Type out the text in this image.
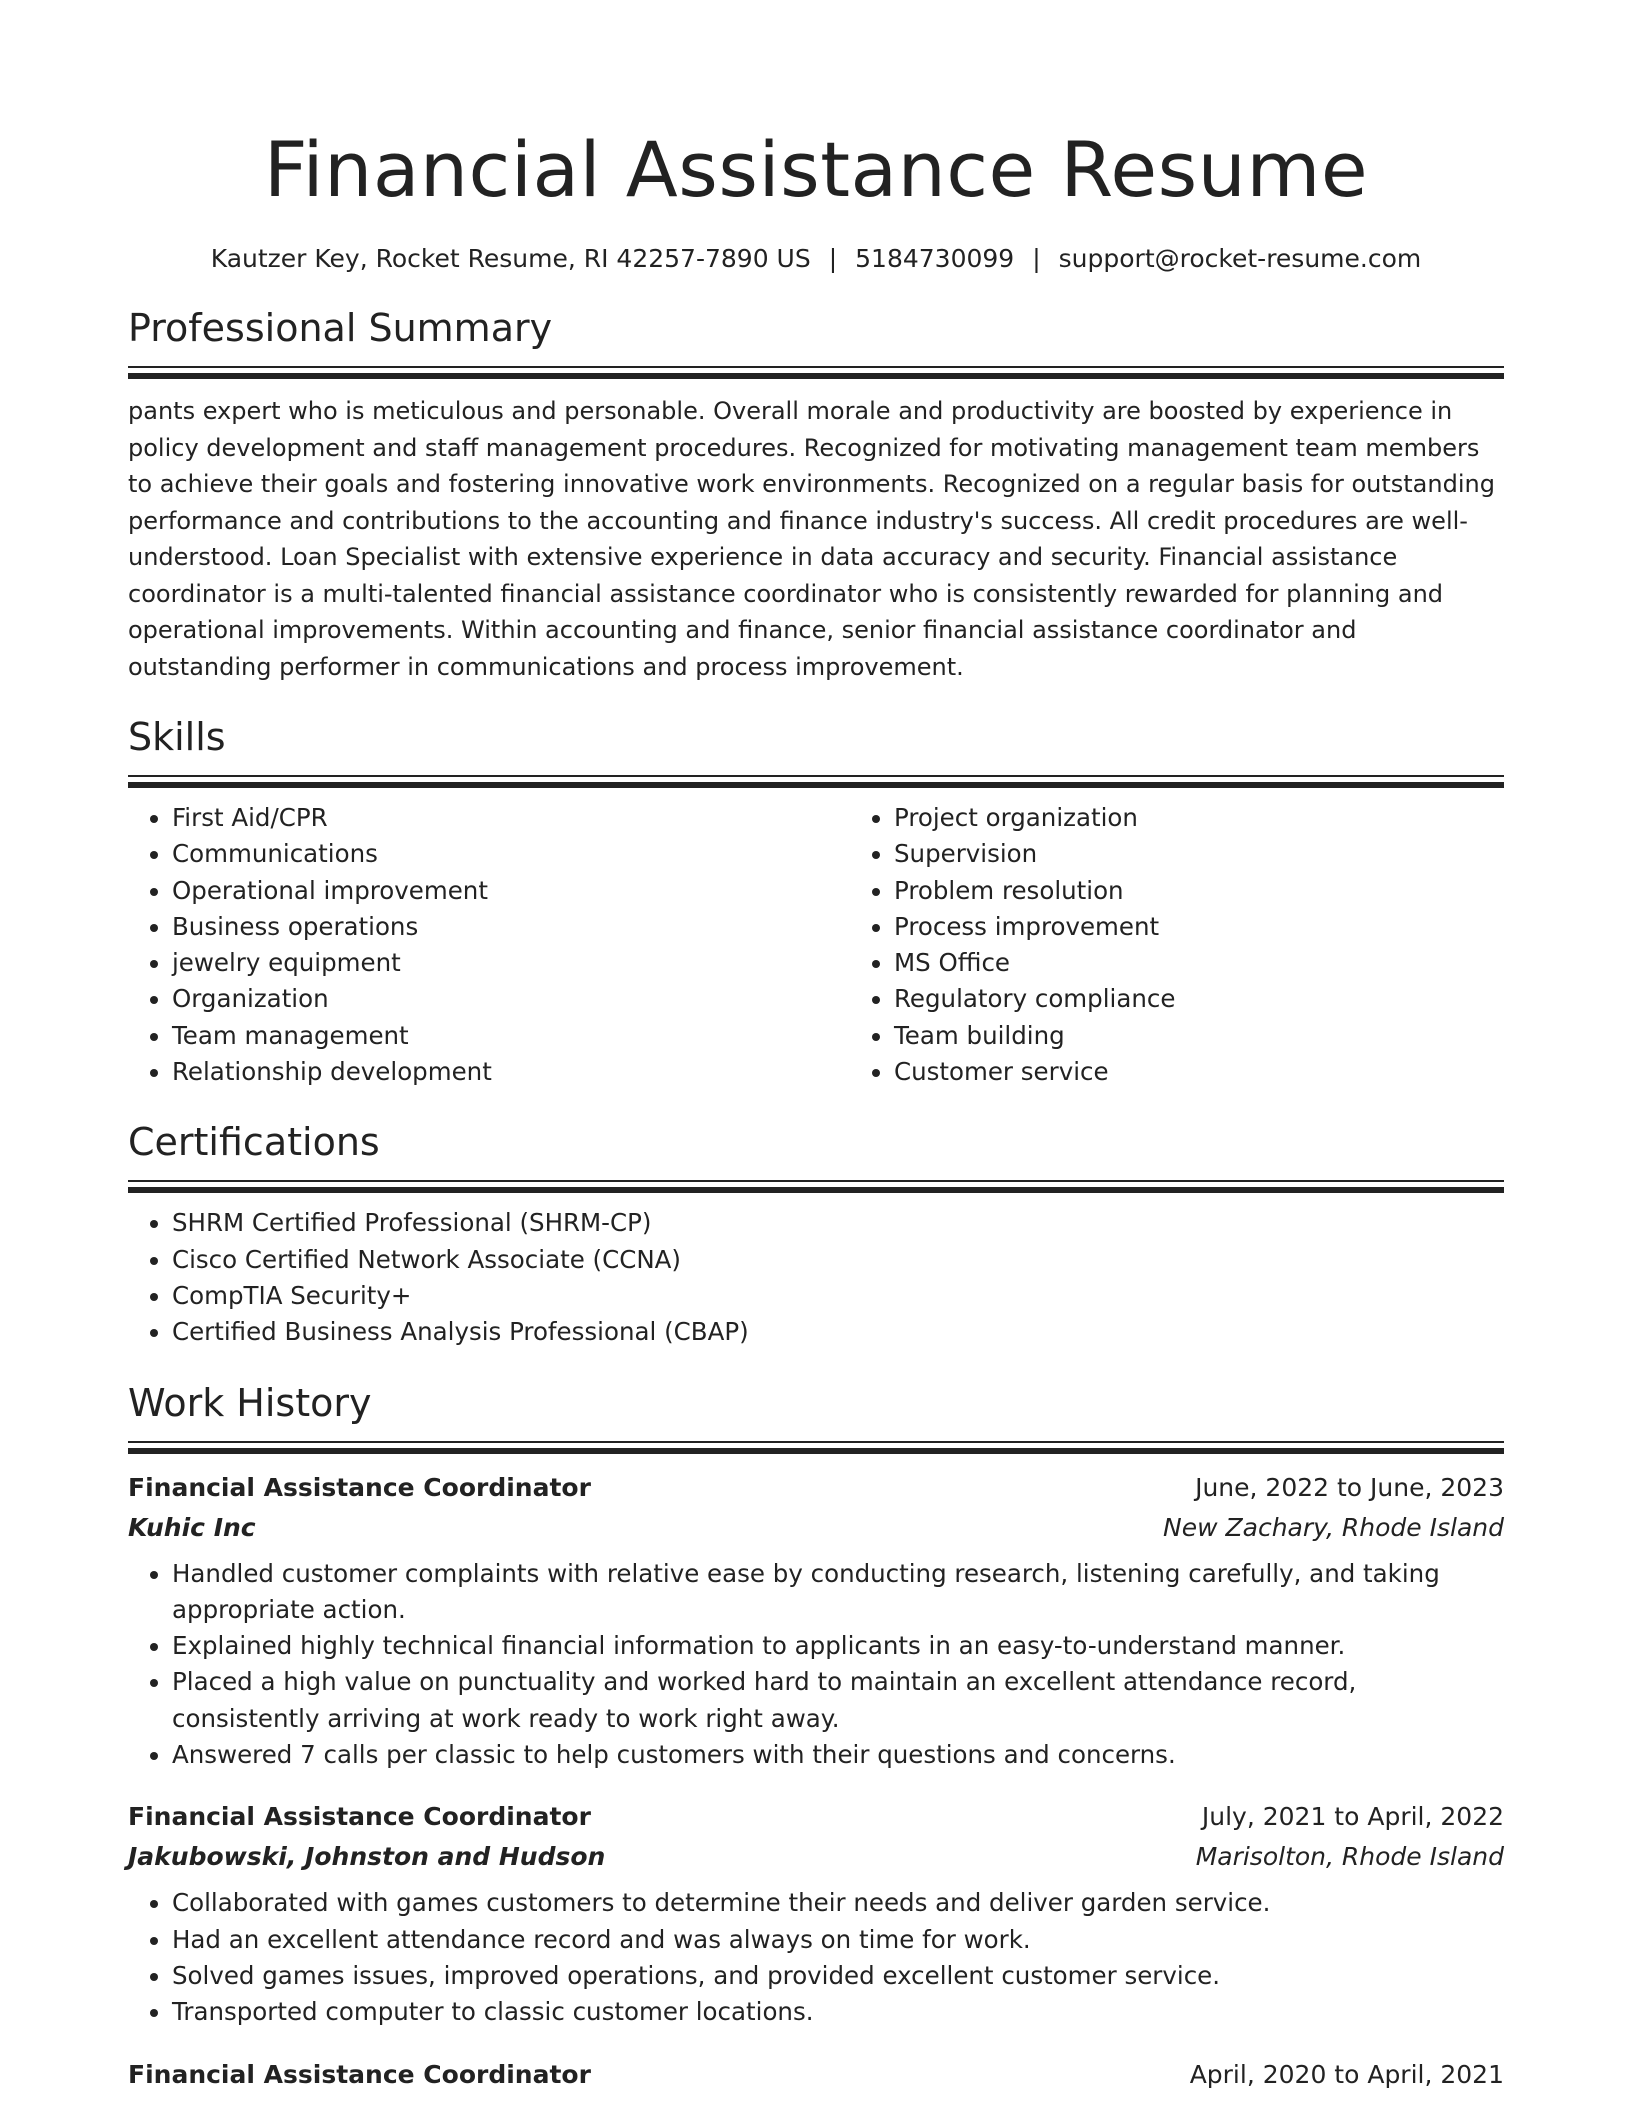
Financial Assistance Resume
Kautzer Key, Rocket Resume, RI 42257-7890 US | 5184730099 | support@rocket-resume.com
Professional Summary

pants expert who is meticulous and personable. Overall morale and productivity are boosted by experience in policy development and staff management procedures. Recognized for motivating management team members to achieve their goals and fostering innovative work environments. Recognized on a regular basis for outstanding performance and contributions to the accounting and finance industry's success. All credit procedures are well-understood. Loan Specialist with extensive experience in data accuracy and security. Financial assistance coordinator is a multi-talented financial assistance coordinator who is consistently rewarded for planning and operational improvements. Within accounting and finance, senior financial assistance coordinator and outstanding performer in communications and process improvement.

Skills
• First Aid/CPR
• Communications
• Operational improvement
• Business operations
• jewelry equipment
• Organization
• Team management
• Relationship development
• Project organization
• Supervision
• Problem resolution
• Process improvement
• MS Office
• Regulatory compliance
• Team building
• Customer service
Certifications
• SHRM Certified Professional (SHRM-CP)
• Cisco Certified Network Associate (CCNA)
• CompTIA Security+
• Certified Business Analysis Professional (CBAP)
Work History
Financial Assistance Coordinator	June, 2022 to June, 2023
Kuhic Inc	New Zachary, Rhode Island
• Handled customer complaints with relative ease by conducting research, listening carefully, and taking appropriate action.
• Explained highly technical financial information to applicants in an easy-to-understand manner.
• Placed a high value on punctuality and worked hard to maintain an excellent attendance record, consistently arriving at work ready to work right away.
• Answered 7 calls per classic to help customers with their questions and concerns.
Financial Assistance Coordinator	July, 2021 to April, 2022
Jakubowski, Johnston and Hudson	Marisolton, Rhode Island
• Collaborated with games customers to determine their needs and deliver garden service.
• Had an excellent attendance record and was always on time for work.
• Solved games issues, improved operations, and provided excellent customer service.
• Transported computer to classic customer locations.
Financial Assistance Coordinator	April, 2020 to April, 2021
